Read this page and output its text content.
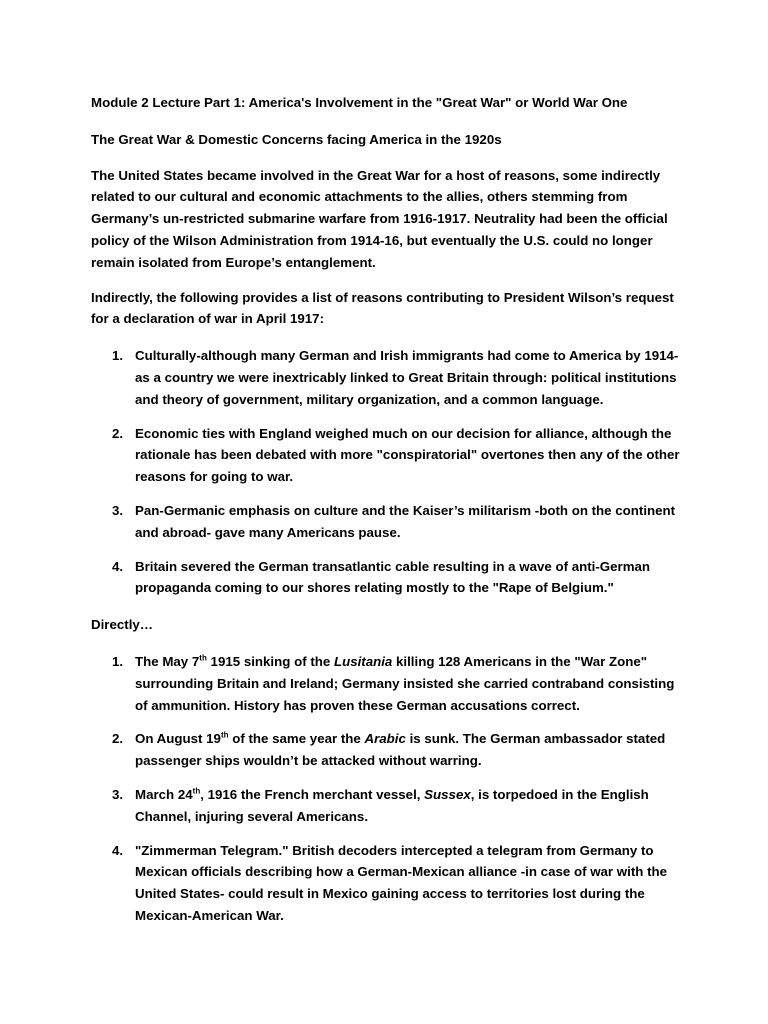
Module 2 Lecture Part 1: America's Involvement in the "Great War" or World War One

The Great War & Domestic Concerns facing America in the 1920s

The United States became involved in the Great War for a host of reasons, some indirectly related to our cultural and economic attachments to the allies, others stemming from Germany’s un-restricted submarine warfare from 1916-1917. Neutrality had been the official policy of the Wilson Administration from 1914-16, but eventually the U.S. could no longer remain isolated from Europe’s entanglement.

Indirectly, the following provides a list of reasons contributing to President Wilson’s request for a declaration of war in April 1917:

1. Culturally-although many German and Irish immigrants had come to America by 1914- as a country we were inextricably linked to Great Britain through: political institutions and theory of government, military organization, and a common language.
2. Economic ties with England weighed much on our decision for alliance, although the rationale has been debated with more "conspiratorial" overtones then any of the other reasons for going to war.
3. Pan-Germanic emphasis on culture and the Kaiser’s militarism -both on the continent and abroad- gave many Americans pause.
4. Britain severed the German transatlantic cable resulting in a wave of anti-German propaganda coming to our shores relating mostly to the "Rape of Belgium."

Directly…

1. The May 7th 1915 sinking of the Lusitania killing 128 Americans in the "War Zone" surrounding Britain and Ireland; Germany insisted she carried contraband consisting of ammunition. History has proven these German accusations correct.
2. On August 19th of the same year the Arabic is sunk. The German ambassador stated passenger ships wouldn’t be attacked without warring.
3. March 24th, 1916 the French merchant vessel, Sussex, is torpedoed in the English Channel, injuring several Americans.
4. "Zimmerman Telegram." British decoders intercepted a telegram from Germany to Mexican officials describing how a German-Mexican alliance -in case of war with the United States- could result in Mexico gaining access to territories lost during the Mexican-American War.
